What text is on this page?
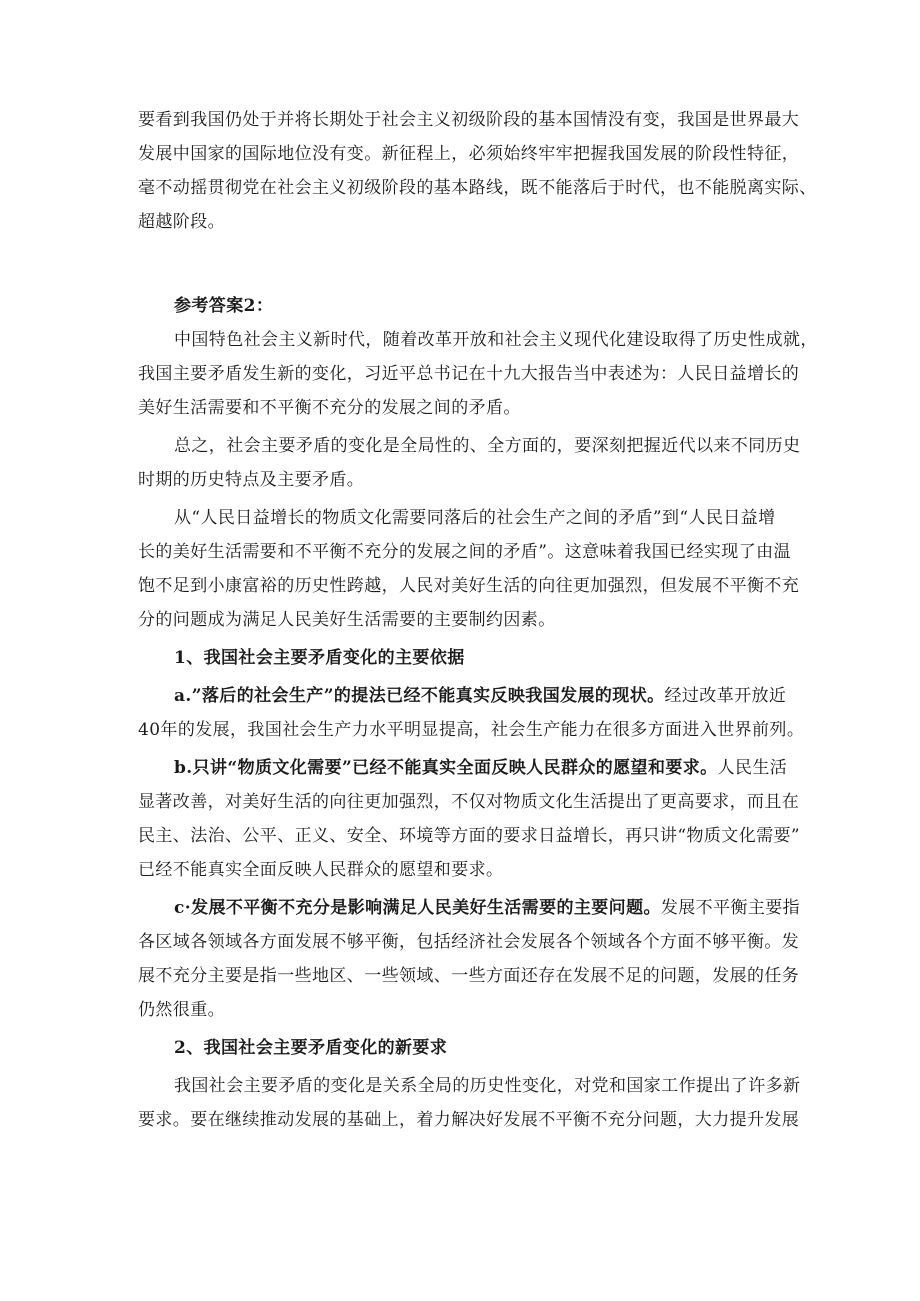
要看到我国仍处于并将长期处于社会主义初级阶段的基本国情没有变，我国是世界最大
发展中国家的国际地位没有变。新征程上，必须始终牢牢把握我国发展的阶段性特征，
毫不动摇贯彻党在社会主义初级阶段的基本路线，既不能落后于时代，也不能脱离实际、
超越阶段。
参考答案2：
中国特色社会主义新时代，随着改革开放和社会主义现代化建设取得了历史性成就，
我国主要矛盾发生新的变化，习近平总书记在十九大报告当中表述为：人民日益增长的
美好生活需要和不平衡不充分的发展之间的矛盾。
总之，社会主要矛盾的变化是全局性的、全方面的，要深刻把握近代以来不同历史
时期的历史特点及主要矛盾。
从“人民日益增长的物质文化需要同落后的社会生产之间的矛盾”到“人民日益增
长的美好生活需要和不平衡不充分的发展之间的矛盾”。这意味着我国已经实现了由温
饱不足到小康富裕的历史性跨越，人民对美好生活的向往更加强烈，但发展不平衡不充
分的问题成为满足人民美好生活需要的主要制约因素。
1、我国社会主要矛盾变化的主要依据
a.”落后的社会生产”的提法已经不能真实反映我国发展的现状。经过改革开放近
40年的发展，我国社会生产力水平明显提高，社会生产能力在很多方面进入世界前列。
b.只讲“物质文化需要”已经不能真实全面反映人民群众的愿望和要求。人民生活
显著改善，对美好生活的向往更加强烈，不仅对物质文化生活提出了更高要求，而且在
民主、法治、公平、正义、安全、环境等方面的要求日益增长，再只讲“物质文化需要”
已经不能真实全面反映人民群众的愿望和要求。
c·发展不平衡不充分是影响满足人民美好生活需要的主要问题。发展不平衡主要指
各区域各领域各方面发展不够平衡，包括经济社会发展各个领域各个方面不够平衡。发
展不充分主要是指一些地区、一些领域、一些方面还存在发展不足的问题，发展的任务
仍然很重。
2、我国社会主要矛盾变化的新要求
我国社会主要矛盾的变化是关系全局的历史性变化，对党和国家工作提出了许多新
要求。要在继续推动发展的基础上，着力解决好发展不平衡不充分问题，大力提升发展
